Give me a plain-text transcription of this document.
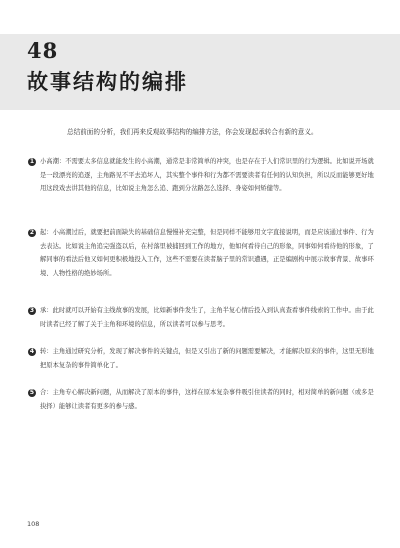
48
故事结构的编排

总结前面的分析，我们再来反观故事结构的编排方法，你会发现起承转合有新的意义。

1 小高潮：不需要太多信息就能发生的小高潮，通常是非常简单的冲突，也是存在于人们常识里的行为逻辑。比如说开场就是一段漂亮的追逐，主角路见不平去追坏人，其实整个事件和行为都不需要读者有任何的认知负担，所以反而能够更好地用这段戏去讲其他的信息，比如说主角怎么追、跑到分岔路怎么选择、身姿如何矫健等。
2 起：小高潮过后，就要把前面缺失的基础信息慢慢补充完整，但是同样不能够用文字直接说明，而是应该通过事件、行为去表达。比如说主角追完强盗以后，在村落里被捕回到工作的地方，他如何看待自己的形象，同事如何看待他的形象，了解同事的看法后他又如何更积极地投入工作，这些不需要在读者脑子里的常识遭遇，正是编剧构中展示故事背景、故事环境、人物性格的绝妙场所。
3 承：此时就可以开始有主线故事的发展，比如新事件发生了，主角半复心情后投入到认真查看事件线索的工作中。由于此时读者已经了解了关于主角和环境的信息，所以读者可以参与思考。
4 转：主角通过研究分析，发现了解决事件的关键点，但是又引出了新的问题需要解决，才能解决原来的事件，这里无形地把原本复杂的事件简单化了。
5 合：主角专心解决新问题，从而解决了原本的事件，这样在原本复杂事件吸引住读者的同时，相对简单的新问题（或多是抉择）能够让读者有更多的参与感。
108
